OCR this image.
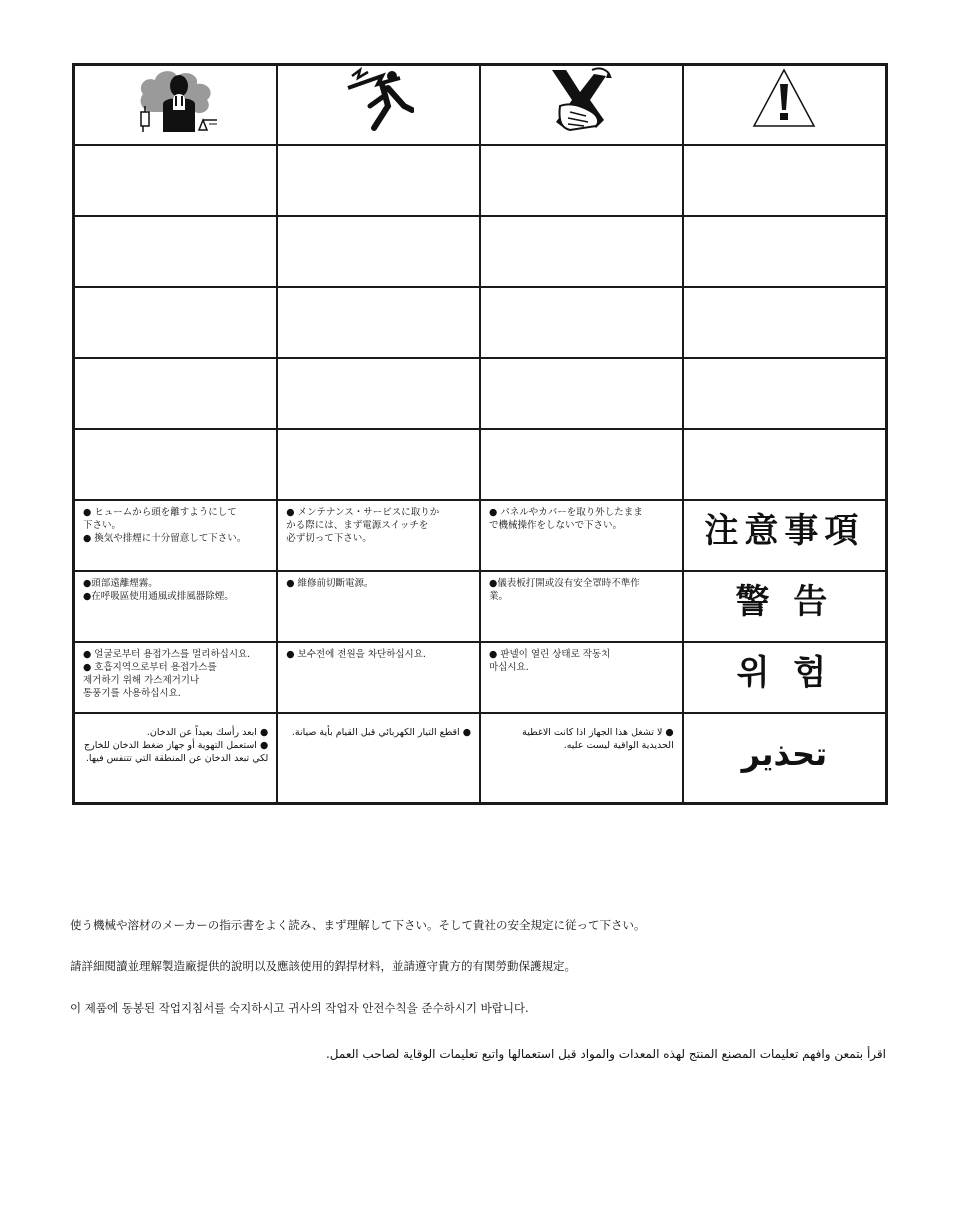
● ヒュームから頭を離すようにして
下さい。
● 換気や排煙に十分留意して下さい。	● メンテナンス・サービスに取りか
かる際には、まず電源スイッチを
必ず切って下さい。	● パネルやカバーを取り外したまま
で機械操作をしないで下さい。	注意事項

●頭部遠離煙霧。
●在呼吸區使用通風或排風器除煙。	● 維修前切斷電源。	●儀表板打開或沒有安全罩時不準作
業。	警 告

● 얼굴로부터 용접가스를 멀리하십시요.
● 호흡지역으로부터 용접가스를
제거하기 위해 가스제거기나
통풍기를 사용하십시요.	● 보수전에 전원을 차단하십시요.	● 판넬이 열린 상태로 작동치
마십시요.	위 험

● ابعد رأسك بعيداً عن الدخان.
● استعمل التهوية أو جهاز ضغط الدخان للخارج
لكي تبعد الدخان عن المنطقة التي تتنفس فيها.	● اقطع التيار الكهربائي قبل القيام بأية صيانة.	● لا تشغل هذا الجهاز اذا كانت الاغطية
الحديدية الواقية ليست عليه.	تحذير
使う機械や溶材のメーカーの指示書をよく読み、まず理解して下さい。そして貴社の安全規定に従って下さい。
請詳細閱讀並理解製造廠提供的說明以及應該使用的銲捍材料，並請遵守貴方的有関勞動保護規定。
이 제품에 동봉된 작업지침서를 숙지하시고 귀사의 작업자 안전수칙을 준수하시기 바랍니다.
اقرأ بتمعن وافهم تعليمات المصنع المنتج لهذه المعدات والمواد قبل استعمالها واتبع تعليمات الوقاية لصاحب العمل.
